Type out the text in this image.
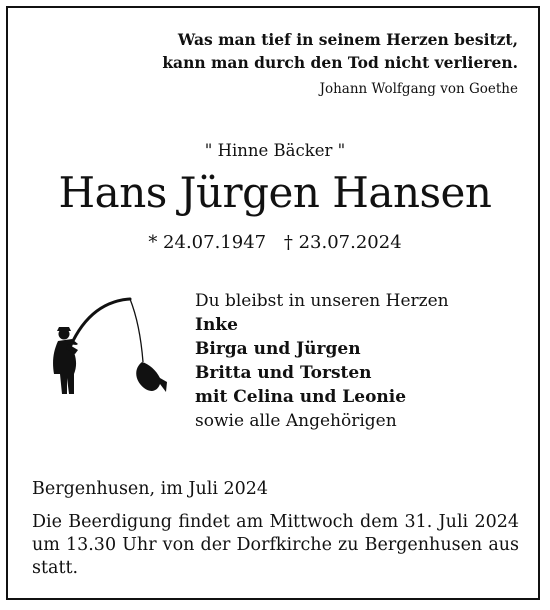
Was man tief in seinem Herzen besitzt,
kann man durch den Tod nicht verlieren.
Johann Wolfgang von Goethe
" Hinne Bäcker "
Hans Jürgen Hansen
* 24.07.1947 † 23.07.2024
Du bleibst in unseren Herzen
Inke
Birga und Jürgen
Britta und Torsten
mit Celina und Leonie
sowie alle Angehörigen
Bergenhusen, im Juli 2024
Die Beerdigung findet am Mittwoch dem 31. Juli 2024
um 13.30 Uhr von der Dorfkirche zu Bergenhusen aus
statt.
